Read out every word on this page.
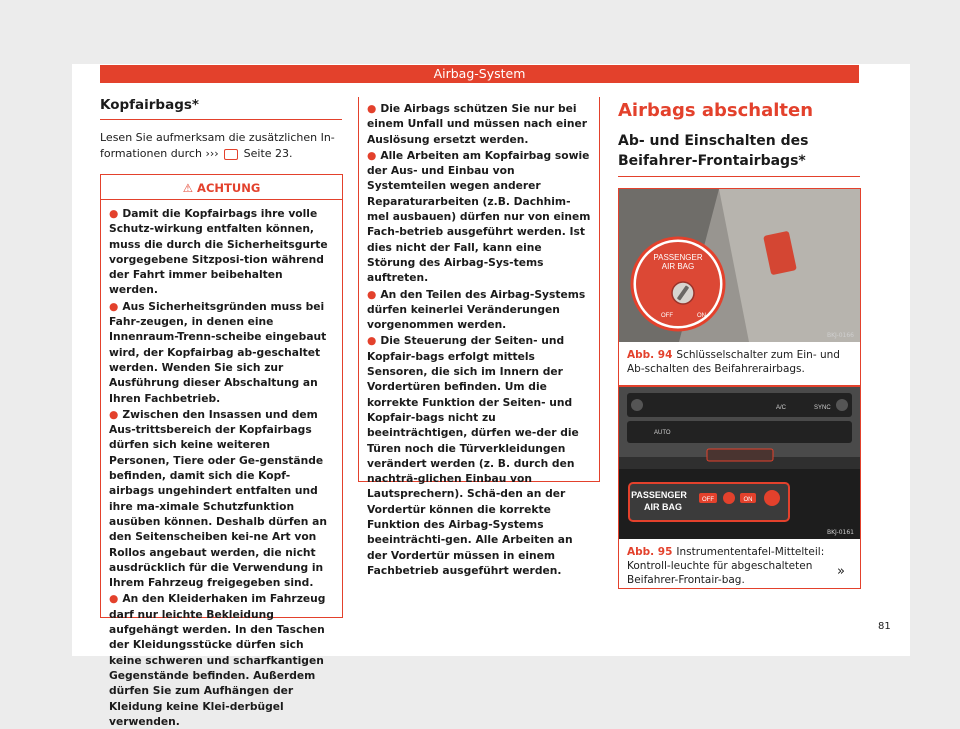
Airbag-System
Kopfairbags*
Lesen Sie aufmerksam die zusätzlichen In-formationen durch ››› Seite 23.
⚠ ACHTUNG
● Damit die Kopfairbags ihre volle Schutz-wirkung entfalten können, muss die durch die Sicherheitsgurte vorgegebene Sitzposi-tion während der Fahrt immer beibehalten werden.
● Aus Sicherheitsgründen muss bei Fahr-zeugen, in denen eine Innenraum-Trenn-scheibe eingebaut wird, der Kopfairbag ab-geschaltet werden. Wenden Sie sich zur Ausführung dieser Abschaltung an Ihren Fachbetrieb.
● Zwischen den Insassen und dem Aus-trittsbereich der Kopfairbags dürfen sich keine weiteren Personen, Tiere oder Ge-genstände befinden, damit sich die Kopf-airbags ungehindert entfalten und ihre ma-ximale Schutzfunktion ausüben können. Deshalb dürfen an den Seitenscheiben kei-ne Art von Rollos angebaut werden, die nicht ausdrücklich für die Verwendung in Ihrem Fahrzeug freigegeben sind.
● An den Kleiderhaken im Fahrzeug darf nur leichte Bekleidung aufgehängt werden. In den Taschen der Kleidungsstücke dürfen sich keine schweren und scharfkantigen Gegenstände befinden. Außerdem dürfen Sie zum Aufhängen der Kleidung keine Klei-derbügel verwenden.
● Die Airbags schützen Sie nur bei einem Unfall und müssen nach einer Auslösung ersetzt werden.
● Alle Arbeiten am Kopfairbag sowie der Aus- und Einbau von Systemteilen wegen anderer Reparaturarbeiten (z.B. Dachhim-mel ausbauen) dürfen nur von einem Fach-betrieb ausgeführt werden. Ist dies nicht der Fall, kann eine Störung des Airbag-Sys-tems auftreten.
● An den Teilen des Airbag-Systems dürfen keinerlei Veränderungen vorgenommen werden.
● Die Steuerung der Seiten- und Kopfair-bags erfolgt mittels Sensoren, die sich im Innern der Vordertüren befinden. Um die korrekte Funktion der Seiten- und Kopfair-bags nicht zu beeinträchtigen, dürfen we-der die Türen noch die Türverkleidungen verändert werden (z. B. durch den nachträ-glichen Einbau von Lautsprechern). Schä-den an der Vordertür können die korrekte Funktion des Airbag-Systems beeinträchti-gen. Alle Arbeiten an der Vordertür müssen in einem Fachbetrieb ausgeführt werden.
Airbags abschalten
Ab- und Einschalten des Beifahrer-Frontairbags*
PASSENGER
AIR BAG
OFF	ON
BKJ-0166
Abb. 94 Schlüsselschalter zum Ein- und Ab-schalten des Beifahrerairbags.
A/C	SYNC
AUTO
PASSENGER
AIR BAG
OFF	ON
BKJ-0161
Abb. 95 Instrumententafel-Mittelteil: Kontroll-leuchte für abgeschalteten Beifahrer-Frontair-bag.
»
81
